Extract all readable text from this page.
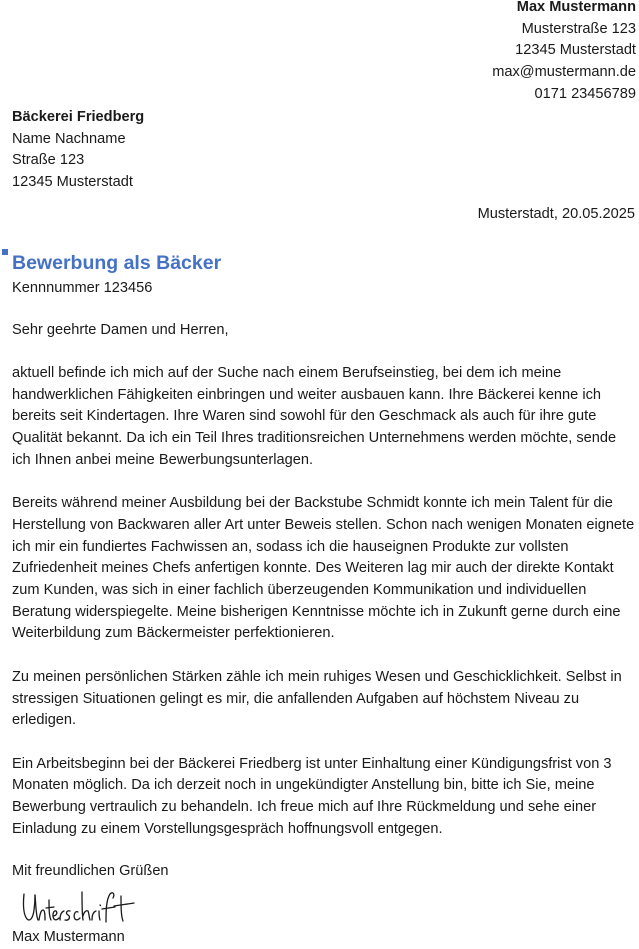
Max Mustermann
Musterstraße 123
12345 Musterstadt
max@mustermann.de
0171 23456789
Bäckerei Friedberg
Name Nachname
Straße 123
12345 Musterstadt
Musterstadt, 20.05.2025
Bewerbung als Bäcker
Kennnummer 123456
Sehr geehrte Damen und Herren,

aktuell befinde ich mich auf der Suche nach einem Berufseinstieg, bei dem ich meine handwerklichen Fähigkeiten einbringen und weiter ausbauen kann. Ihre Bäckerei kenne ich bereits seit Kindertagen. Ihre Waren sind sowohl für den Geschmack als auch für ihre gute Qualität bekannt. Da ich ein Teil Ihres traditionsreichen Unternehmens werden möchte, sende ich Ihnen anbei meine Bewerbungsunterlagen.

Bereits während meiner Ausbildung bei der Backstube Schmidt konnte ich mein Talent für die Herstellung von Backwaren aller Art unter Beweis stellen. Schon nach wenigen Monaten eignete ich mir ein fundiertes Fachwissen an, sodass ich die hauseignen Produkte zur vollsten Zufriedenheit meines Chefs anfertigen konnte. Des Weiteren lag mir auch der direkte Kontakt zum Kunden, was sich in einer fachlich überzeugenden Kommunikation und individuellen Beratung widerspiegelte. Meine bisherigen Kenntnisse möchte ich in Zukunft gerne durch eine Weiterbildung zum Bäckermeister perfektionieren.

Zu meinen persönlichen Stärken zähle ich mein ruhiges Wesen und Geschicklichkeit. Selbst in stressigen Situationen gelingt es mir, die anfallenden Aufgaben auf höchstem Niveau zu erledigen.

Ein Arbeitsbeginn bei der Bäckerei Friedberg ist unter Einhaltung einer Kündigungsfrist von 3 Monaten möglich. Da ich derzeit noch in ungekündigter Anstellung bin, bitte ich Sie, meine Bewerbung vertraulich zu behandeln. Ich freue mich auf Ihre Rückmeldung und sehe einer Einladung zu einem Vorstellungsgespräch hoffnungsvoll entgegen.

Mit freundlichen Grüßen
Max Mustermann
